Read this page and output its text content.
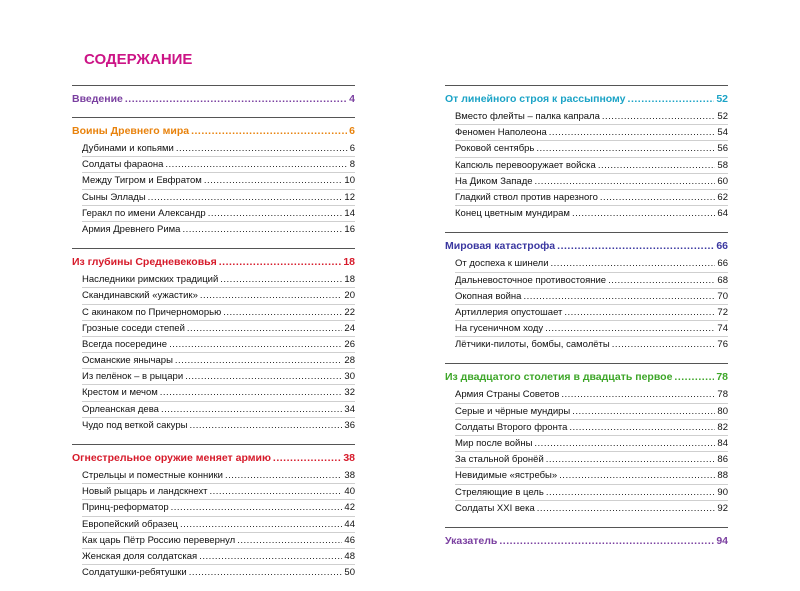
СОДЕРЖАНИЕ
Введение .....	4
Воины Древнего мира .....	6
Дубинами и копьями .....	6
Солдаты фараона .....	8
Между Тигром и Евфратом .....	10
Сыны Эллады .....	12
Геракл по имени Александр .....	14
Армия Древнего Рима .....	16
Из глубины Средневековья .....	18
Наследники римских традиций .....	18
Скандинавский «ужастик» .....	20
С акинаком по Причерноморью .....	22
Грозные соседи степей .....	24
Всегда посередине .....	26
Османские янычары .....	28
Из пелёнок – в рыцари .....	30
Крестом и мечом .....	32
Орлеанская дева .....	34
Чудо под веткой сакуры .....	36
Огнестрельное оружие меняет армию .....	38
Стрельцы и поместные конники .....	38
Новый рыцарь и ландскнехт .....	40
Принц-реформатор .....	42
Европейский образец .....	44
Как царь Пётр Россию перевернул .....	46
Женская доля солдатская .....	48
Солдатушки-ребятушки .....	50
От линейного строя к рассыпному .....	52
Вместо флейты – палка капрала .....	52
Феномен Наполеона .....	54
Роковой сентябрь .....	56
Капсюль перевооружает войска .....	58
На Диком Западе .....	60
Гладкий ствол против нарезного .....	62
Конец цветным мундирам .....	64
Мировая катастрофа .....	66
От доспеха к шинели .....	66
Дальневосточное противостояние .....	68
Окопная война .....	70
Артиллерия опустошает .....	72
На гусеничном ходу .....	74
Лётчики-пилоты, бомбы, самолёты .....	76
Из двадцатого столетия в двадцать первое .....	78
Армия Страны Советов .....	78
Серые и чёрные мундиры .....	80
Солдаты Второго фронта .....	82
Мир после войны .....	84
За стальной бронёй .....	86
Невидимые «ястребы» .....	88
Стреляющие в цель .....	90
Солдаты XXI века .....	92
Указатель .....	94
